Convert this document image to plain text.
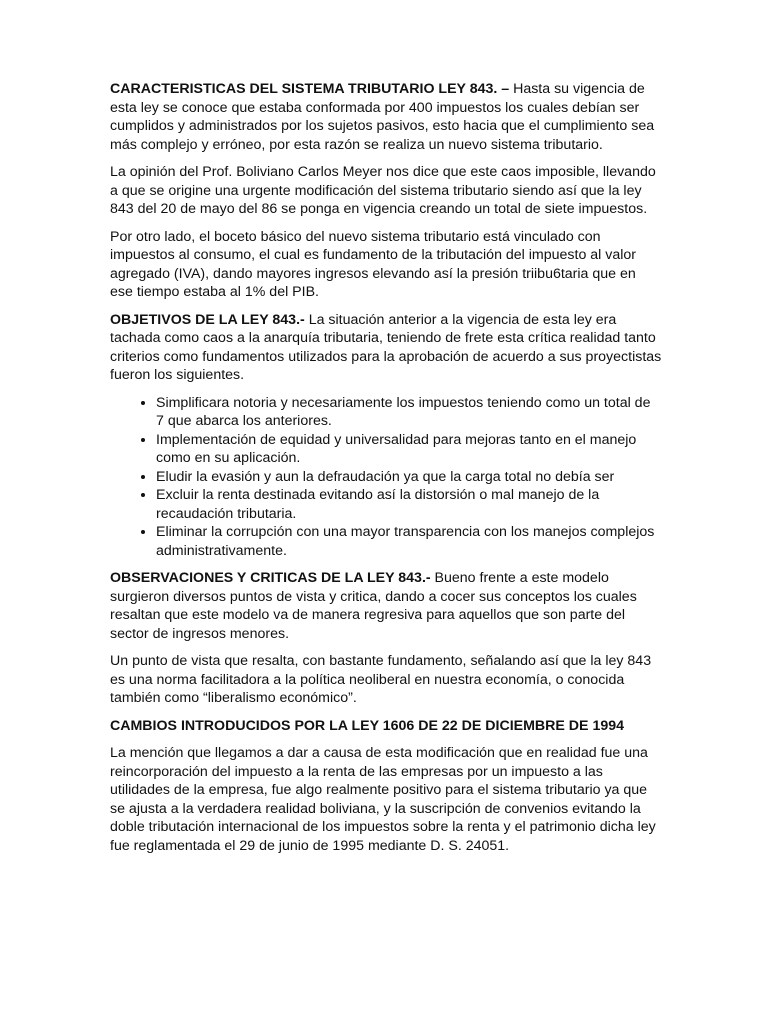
CARACTERISTICAS DEL SISTEMA TRIBUTARIO LEY 843. – Hasta su vigencia de esta ley se conoce que estaba conformada por 400 impuestos los cuales debían ser cumplidos y administrados por los sujetos pasivos, esto hacia que el cumplimiento sea más complejo y erróneo, por esta razón se realiza un nuevo sistema tributario.

La opinión del Prof. Boliviano Carlos Meyer nos dice que este caos imposible, llevando a que se origine una urgente modificación del sistema tributario siendo así que la ley 843 del 20 de mayo del 86 se ponga en vigencia creando un total de siete impuestos.

Por otro lado, el boceto básico del nuevo sistema tributario está vinculado con impuestos al consumo, el cual es fundamento de la tributación del impuesto al valor agregado (IVA), dando mayores ingresos elevando así la presión triibu6taria que en ese tiempo estaba al 1% del PIB.

OBJETIVOS DE LA LEY 843.- La situación anterior a la vigencia de esta ley era tachada como caos a la anarquía tributaria, teniendo de frete esta crítica realidad tanto criterios como fundamentos utilizados para la aprobación de acuerdo a sus proyectistas fueron los siguientes.

• Simplificara notoria y necesariamente los impuestos teniendo como un total de 7 que abarca los anteriores.
• Implementación de equidad y universalidad para mejoras tanto en el manejo como en su aplicación.
• Eludir la evasión y aun la defraudación ya que la carga total no debía ser
• Excluir la renta destinada evitando así la distorsión o mal manejo de la recaudación tributaria.
• Eliminar la corrupción con una mayor transparencia con los manejos complejos administrativamente.

OBSERVACIONES Y CRITICAS DE LA LEY 843.- Bueno frente a este modelo surgieron diversos puntos de vista y critica, dando a cocer sus conceptos los cuales resaltan que este modelo va de manera regresiva para aquellos que son parte del sector de ingresos menores.

Un punto de vista que resalta, con bastante fundamento, señalando así que la ley 843 es una norma facilitadora a la política neoliberal en nuestra economía, o conocida también como “liberalismo económico”.

CAMBIOS INTRODUCIDOS POR LA LEY 1606 DE 22 DE DICIEMBRE DE 1994

La mención que llegamos a dar a causa de esta modificación que en realidad fue una reincorporación del impuesto a la renta de las empresas por un impuesto a las utilidades de la empresa, fue algo realmente positivo para el sistema tributario ya que se ajusta a la verdadera realidad boliviana, y la suscripción de convenios evitando la doble tributación internacional de los impuestos sobre la renta y el patrimonio dicha ley fue reglamentada el 29 de junio de 1995 mediante D. S. 24051.
